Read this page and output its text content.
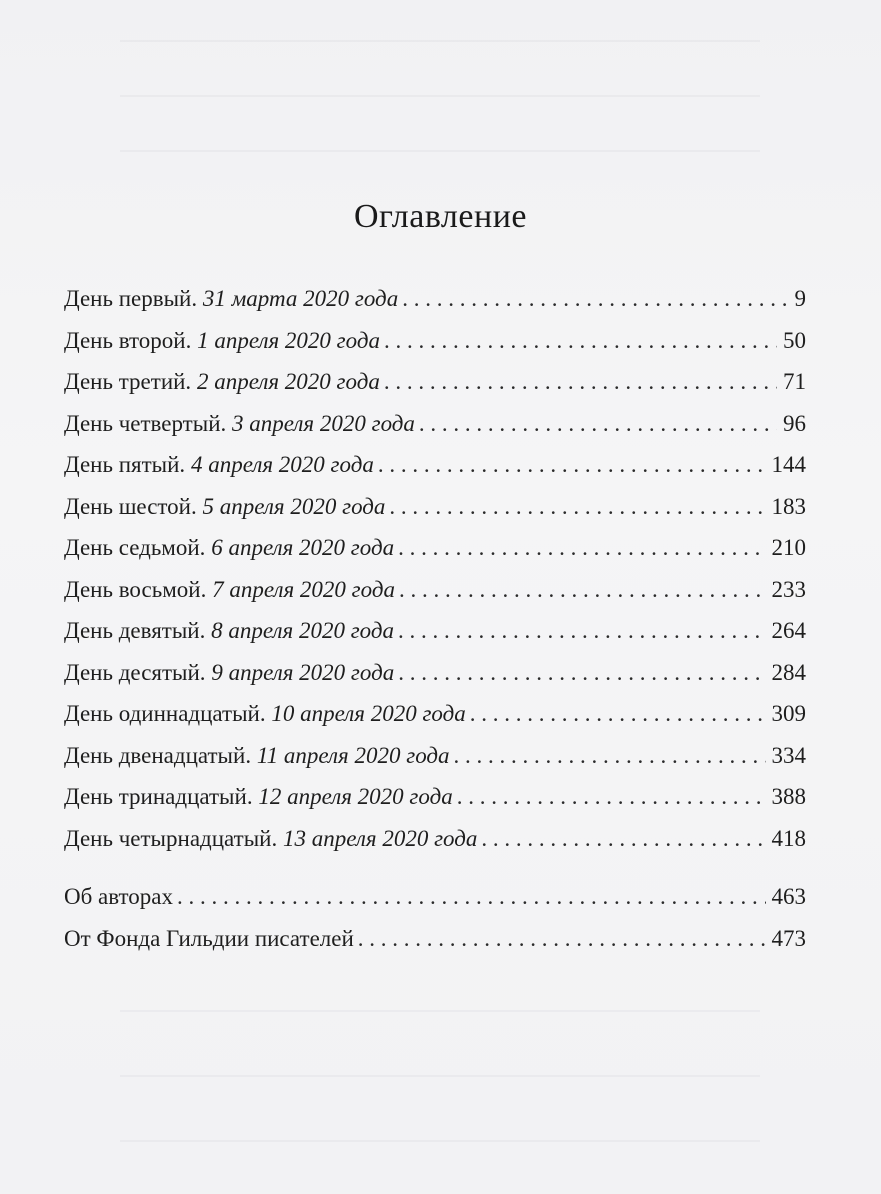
Оглавление
День первый. 31 марта 2020 года . . .	9
День второй. 1 апреля 2020 года . . .	50
День третий. 2 апреля 2020 года . . .	71
День четвертый. 3 апреля 2020 года . . .	96
День пятый. 4 апреля 2020 года . . .	144
День шестой. 5 апреля 2020 года . . .	183
День седьмой. 6 апреля 2020 года . . .	210
День восьмой. 7 апреля 2020 года . . .	233
День девятый. 8 апреля 2020 года . . .	264
День десятый. 9 апреля 2020 года . . .	284
День одиннадцатый. 10 апреля 2020 года . . .	309
День двенадцатый. 11 апреля 2020 года . . .	334
День тринадцатый. 12 апреля 2020 года . . .	388
День четырнадцатый. 13 апреля 2020 года . . .	418
Об авторах . . .	463
От Фонда Гильдии писателей . . .	473
